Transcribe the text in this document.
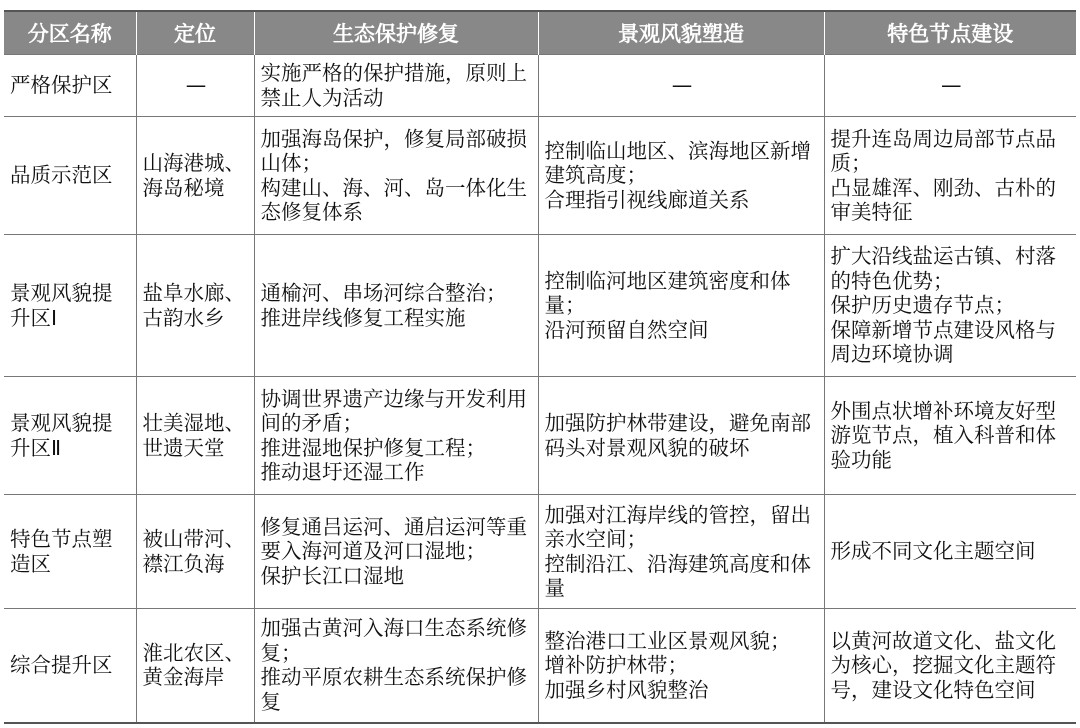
分区名称	定位	生态保护修复	景观风貌塑造	特色节点建设
严格保护区	—	实施严格的保护措施，原则上禁止人为活动	—	—

品质示范区	山海港城、海岛秘境	加强海岛保护，修复局部破损山体；
构建山、海、河、岛一体化生态修复体系	控制临山地区、滨海地区新增建筑高度；
合理指引视线廊道关系	提升连岛周边局部节点品质；
凸显雄浑、刚劲、古朴的审美特征

景观风貌提升区Ⅰ	盐阜水廊、古韵水乡	通榆河、串场河综合整治；
推进岸线修复工程实施	控制临河地区建筑密度和体量；
沿河预留自然空间	扩大沿线盐运古镇、村落的特色优势；
保护历史遗存节点；
保障新增节点建设风格与周边环境协调

景观风貌提升区Ⅱ	壮美湿地、世遗天堂	协调世界遗产边缘与开发利用间的矛盾；
推进湿地保护修复工程；
推动退圩还湿工作	加强防护林带建设，避免南部码头对景观风貌的破坏	外围点状增补环境友好型游览节点，植入科普和体验功能

特色节点塑造区	被山带河、襟江负海	修复通吕运河、通启运河等重要入海河道及河口湿地；
保护长江口湿地	加强对江海岸线的管控，留出亲水空间；
控制沿江、沿海建筑高度和体量	形成不同文化主题空间

综合提升区	淮北农区、黄金海岸	加强古黄河入海口生态系统修复；
推动平原农耕生态系统保护修复	整治港口工业区景观风貌；
增补防护林带；
加强乡村风貌整治	以黄河故道文化、盐文化为核心，挖掘文化主题符号，建设文化特色空间
